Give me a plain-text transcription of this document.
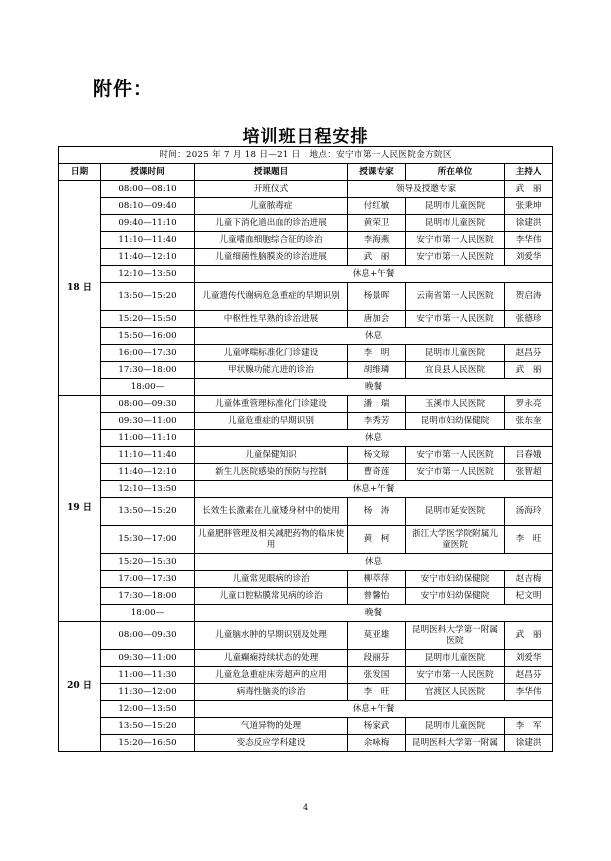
附件：
培训班日程安排
时间：2025 年 7 月 18 日—21 日　地点：安宁市第一人民医院金方院区					
日期	授课时间	授课题目	授课专家	所在单位	主持人
18 日	08:00—08:10	开班仪式	领导及授邀专家		武　丽
	08:10—09:40	儿童脓毒症	付红敏	昆明市儿童医院	张秉坤
	09:40—11:10	儿童下消化道出血的诊治进展	黄荣卫	昆明市儿童医院	徐建洪
	11:10—11:40	儿童嗜血细胞综合征的诊治	李海燕	安宁市第一人民医院	李华伟
	11:40—12:10	儿童细菌性脑膜炎的诊治进展	武　丽	安宁市第一人民医院	刘爱华
	12:10—13:50	休息+午餐			
	13:50—15:20	儿童遗传代谢病危急重症的早期识别	杨景晖	云南省第一人民医院	贺启涛
	15:20—15:50	中枢性性早熟的诊治进展	唐加会	安宁市第一人民医院	张德珍
	15:50—16:00	休息			
	16:00—17:30	儿童哮喘标准化门诊建设	李　明	昆明市儿童医院	赵昌芬
	17:30—18:00	甲状腺功能亢进的诊治	胡维璘	宜良县人民医院	武　丽
	18:00—	晚餐			
19 日	08:00—09:30	儿童体重管理标准化门诊建设	潘　瑞	玉溪市人民医院	罗永亮
	09:30—11:00	儿童危重症的早期识别	李秀芳	昆明市妇幼保健院	张东奎
	11:00—11:10	休息			
	11:10—11:40	儿童保健知识	杨文琼	安宁市第一人民医院	吕春娥
	11:40—12:10	新生儿医院感染的预防与控制	曹奇莲	安宁市第一人民医院	张智超
	12:10—13:50	休息+午餐			
	13:50—15:20	长效生长激素在儿童矮身材中的使用	杨　涛	昆明市延安医院	汤海玲
	15:30—17:00	儿童肥胖管理及相关减肥药物的临床使用	黄　柯	浙江大学医学院附属儿童医院	李　旺
	15:20—15:30	休息			
	17:00—17:30	儿童常见眼病的诊治	柳萃萍	安宁市妇幼保健院	赵吉梅
	17:30—18:00	儿童口腔粘膜常见病的诊治	曾馨怡	安宁市妇幼保健院	杞文明
	18:00—	晚餐			
20 日	08:00—09:30	儿童脑水肿的早期识别及处理	莫亚雄	昆明医科大学第一附属医院	武　丽
	09:30—11:00	儿童癫痫持续状态的处理	段丽芬	昆明市儿童医院	刘爱华
	11:00—11:30	儿童危急重症床旁超声的应用	张发国	安宁市第一人民医院	赵昌芬
	11:30—12:00	病毒性脑炎的诊治	李　旺	官渡区人民医院	李华伟
	12:00—13:50	休息+午餐			
	13:50—15:20	气道异物的处理	杨家武	昆明市儿童医院	李　军
	15:20—16:50	变态反应学科建设	余咏梅	昆明医科大学第一附属	徐建洪
4
